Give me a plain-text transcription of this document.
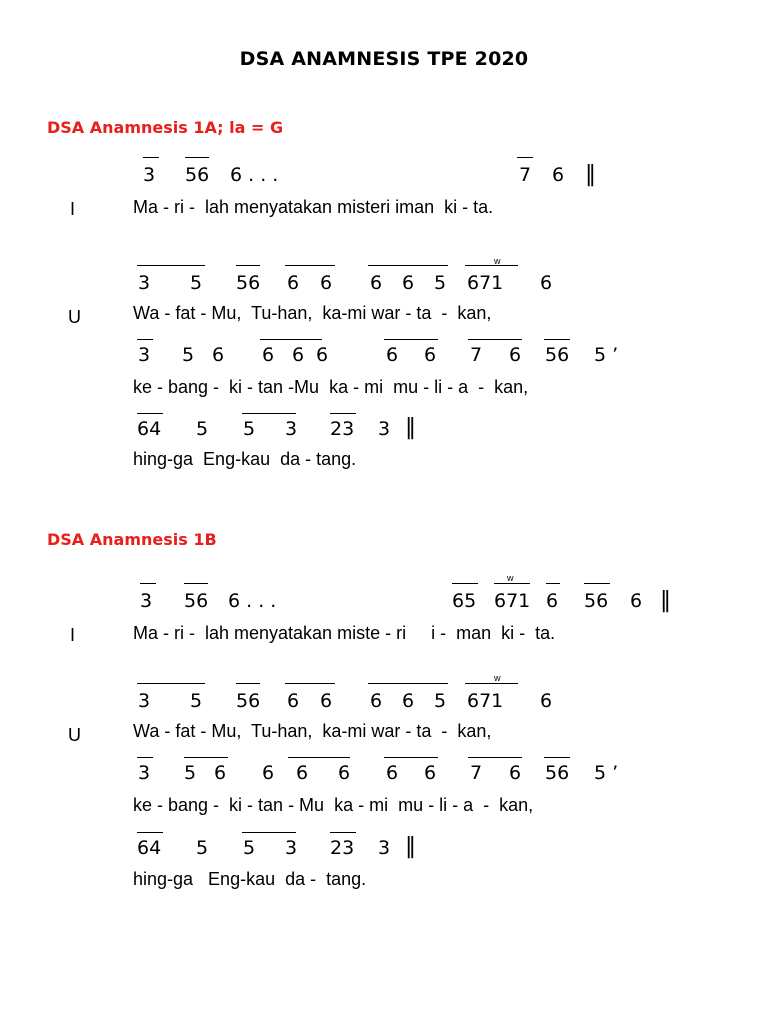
DSA ANAMNESIS TPE 2020
DSA Anamnesis 1A; la = G
3 56 6 . . .	7 6 ‖
I	Ma - ri -  lah menyatakan misteri iman  ki - ta.
w
3 5 56 6 6 6 6 5 671 6
U	Wa - fat - Mu,  Tu-han,  ka-mi war - ta  -  kan,
3 5 6 6 6 6	6 6 7 6 56 5 ’
ke - bang -  ki - tan -Mu  ka - mi  mu - li - a  -  kan,
64 5 5 3 23 3 ‖
hing-ga  Eng-kau  da - tang.
DSA Anamnesis 1B
w
3 56 6 . . .	65 671 6 56 6 ‖
I	Ma - ri -  lah menyatakan miste - ri     i -  man  ki -  ta.
w
3 5 56 6 6 6 6 5 671 6
U	Wa - fat - Mu,  Tu-han,  ka-mi war - ta  -  kan,
3 5 6 6 6 6 6 6 7 6 56 5 ’
ke - bang -  ki - tan - Mu  ka - mi  mu - li - a  -  kan,
64 5 5 3 23 3 ‖
hing-ga   Eng-kau  da -  tang.
